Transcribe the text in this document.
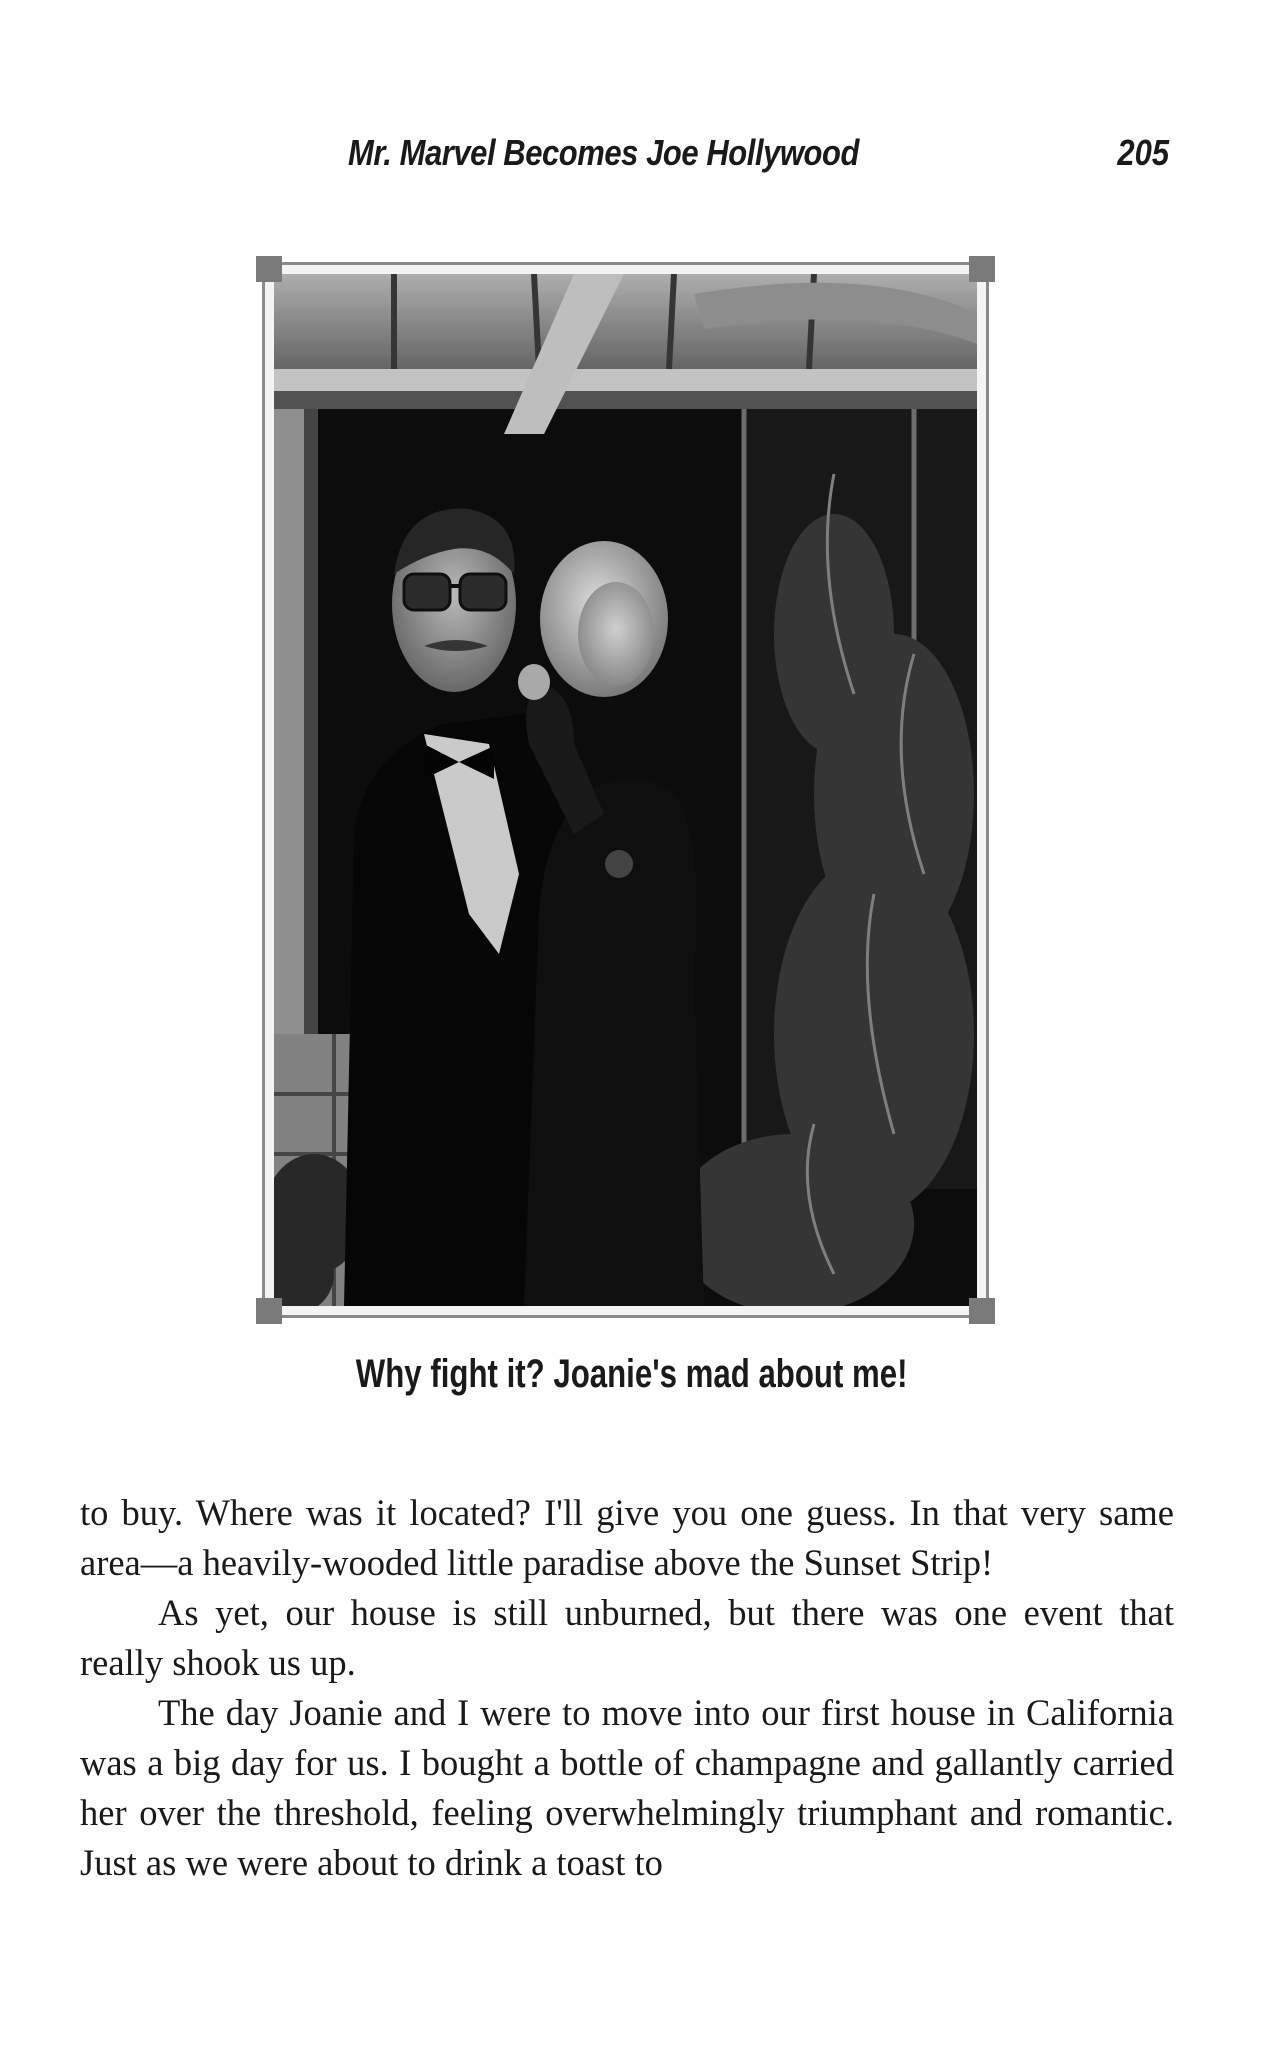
Mr. Marvel Becomes Joe Hollywood	205
Why fight it? Joanie's mad about me!

to buy. Where was it located? I'll give you one guess. In that very same area—a heavily-wooded little paradise above the Sunset Strip!

As yet, our house is still unburned, but there was one event that really shook us up.

The day Joanie and I were to move into our first house in California was a big day for us. I bought a bottle of champagne and gallantly carried her over the threshold, feeling overwhelmingly triumphant and romantic. Just as we were about to drink a toast to
